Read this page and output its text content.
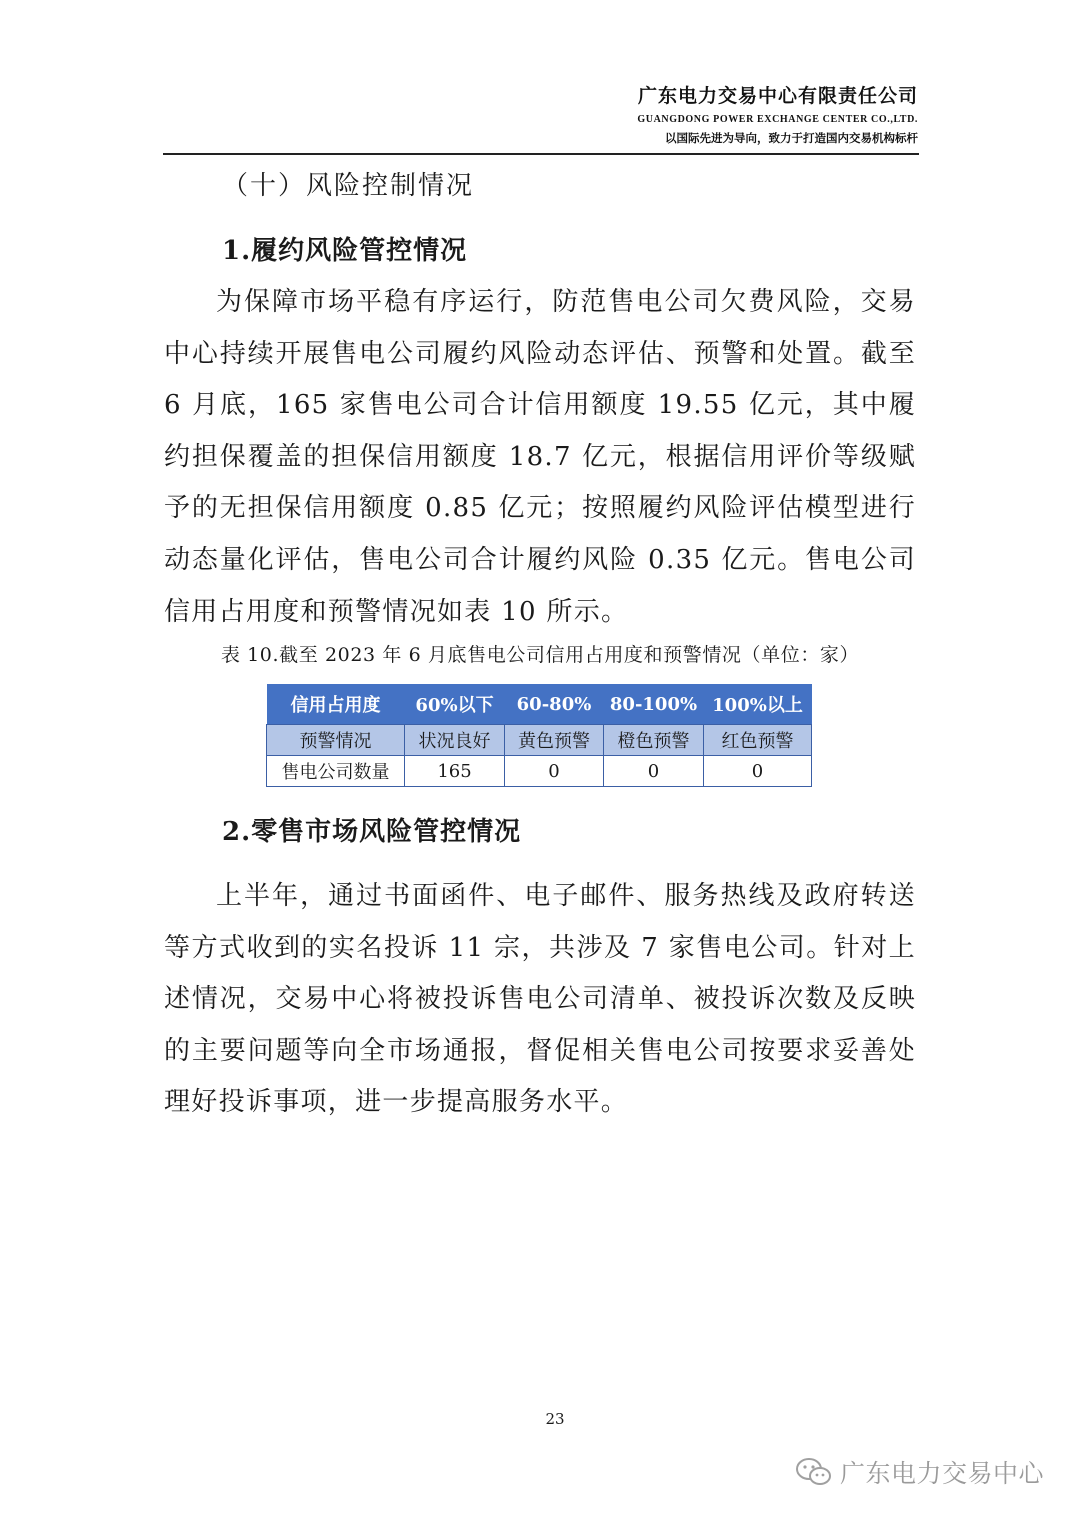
广东电力交易中心有限责任公司
GUANGDONG POWER EXCHANGE CENTER CO.,LTD.
以国际先进为导向，致力于打造国内交易机构标杆
（十）风险控制情况
1.履约风险管控情况

为保障市场平稳有序运行，防范售电公司欠费风险，交易中心持续开展售电公司履约风险动态评估、预警和处置。截至 6 月底，165 家售电公司合计信用额度 19.55 亿元，其中履约担保覆盖的担保信用额度 18.7 亿元，根据信用评价等级赋予的无担保信用额度 0.85 亿元；按照履约风险评估模型进行动态量化评估，售电公司合计履约风险 0.35 亿元。售电公司信用占用度和预警情况如表 10 所示。

表 10.截至 2023 年 6 月底售电公司信用占用度和预警情况（单位：家）
信用占用度	60%以下	60-80%	80-100%	100%以上
预警情况	状况良好	黄色预警	橙色预警	红色预警
售电公司数量	165	0	0	0
2.零售市场风险管控情况

上半年，通过书面函件、电子邮件、服务热线及政府转送等方式收到的实名投诉 11 宗，共涉及 7 家售电公司。针对上述情况，交易中心将被投诉售电公司清单、被投诉次数及反映的主要问题等向全市场通报，督促相关售电公司按要求妥善处理好投诉事项，进一步提高服务水平。

23
广东电力交易中心
